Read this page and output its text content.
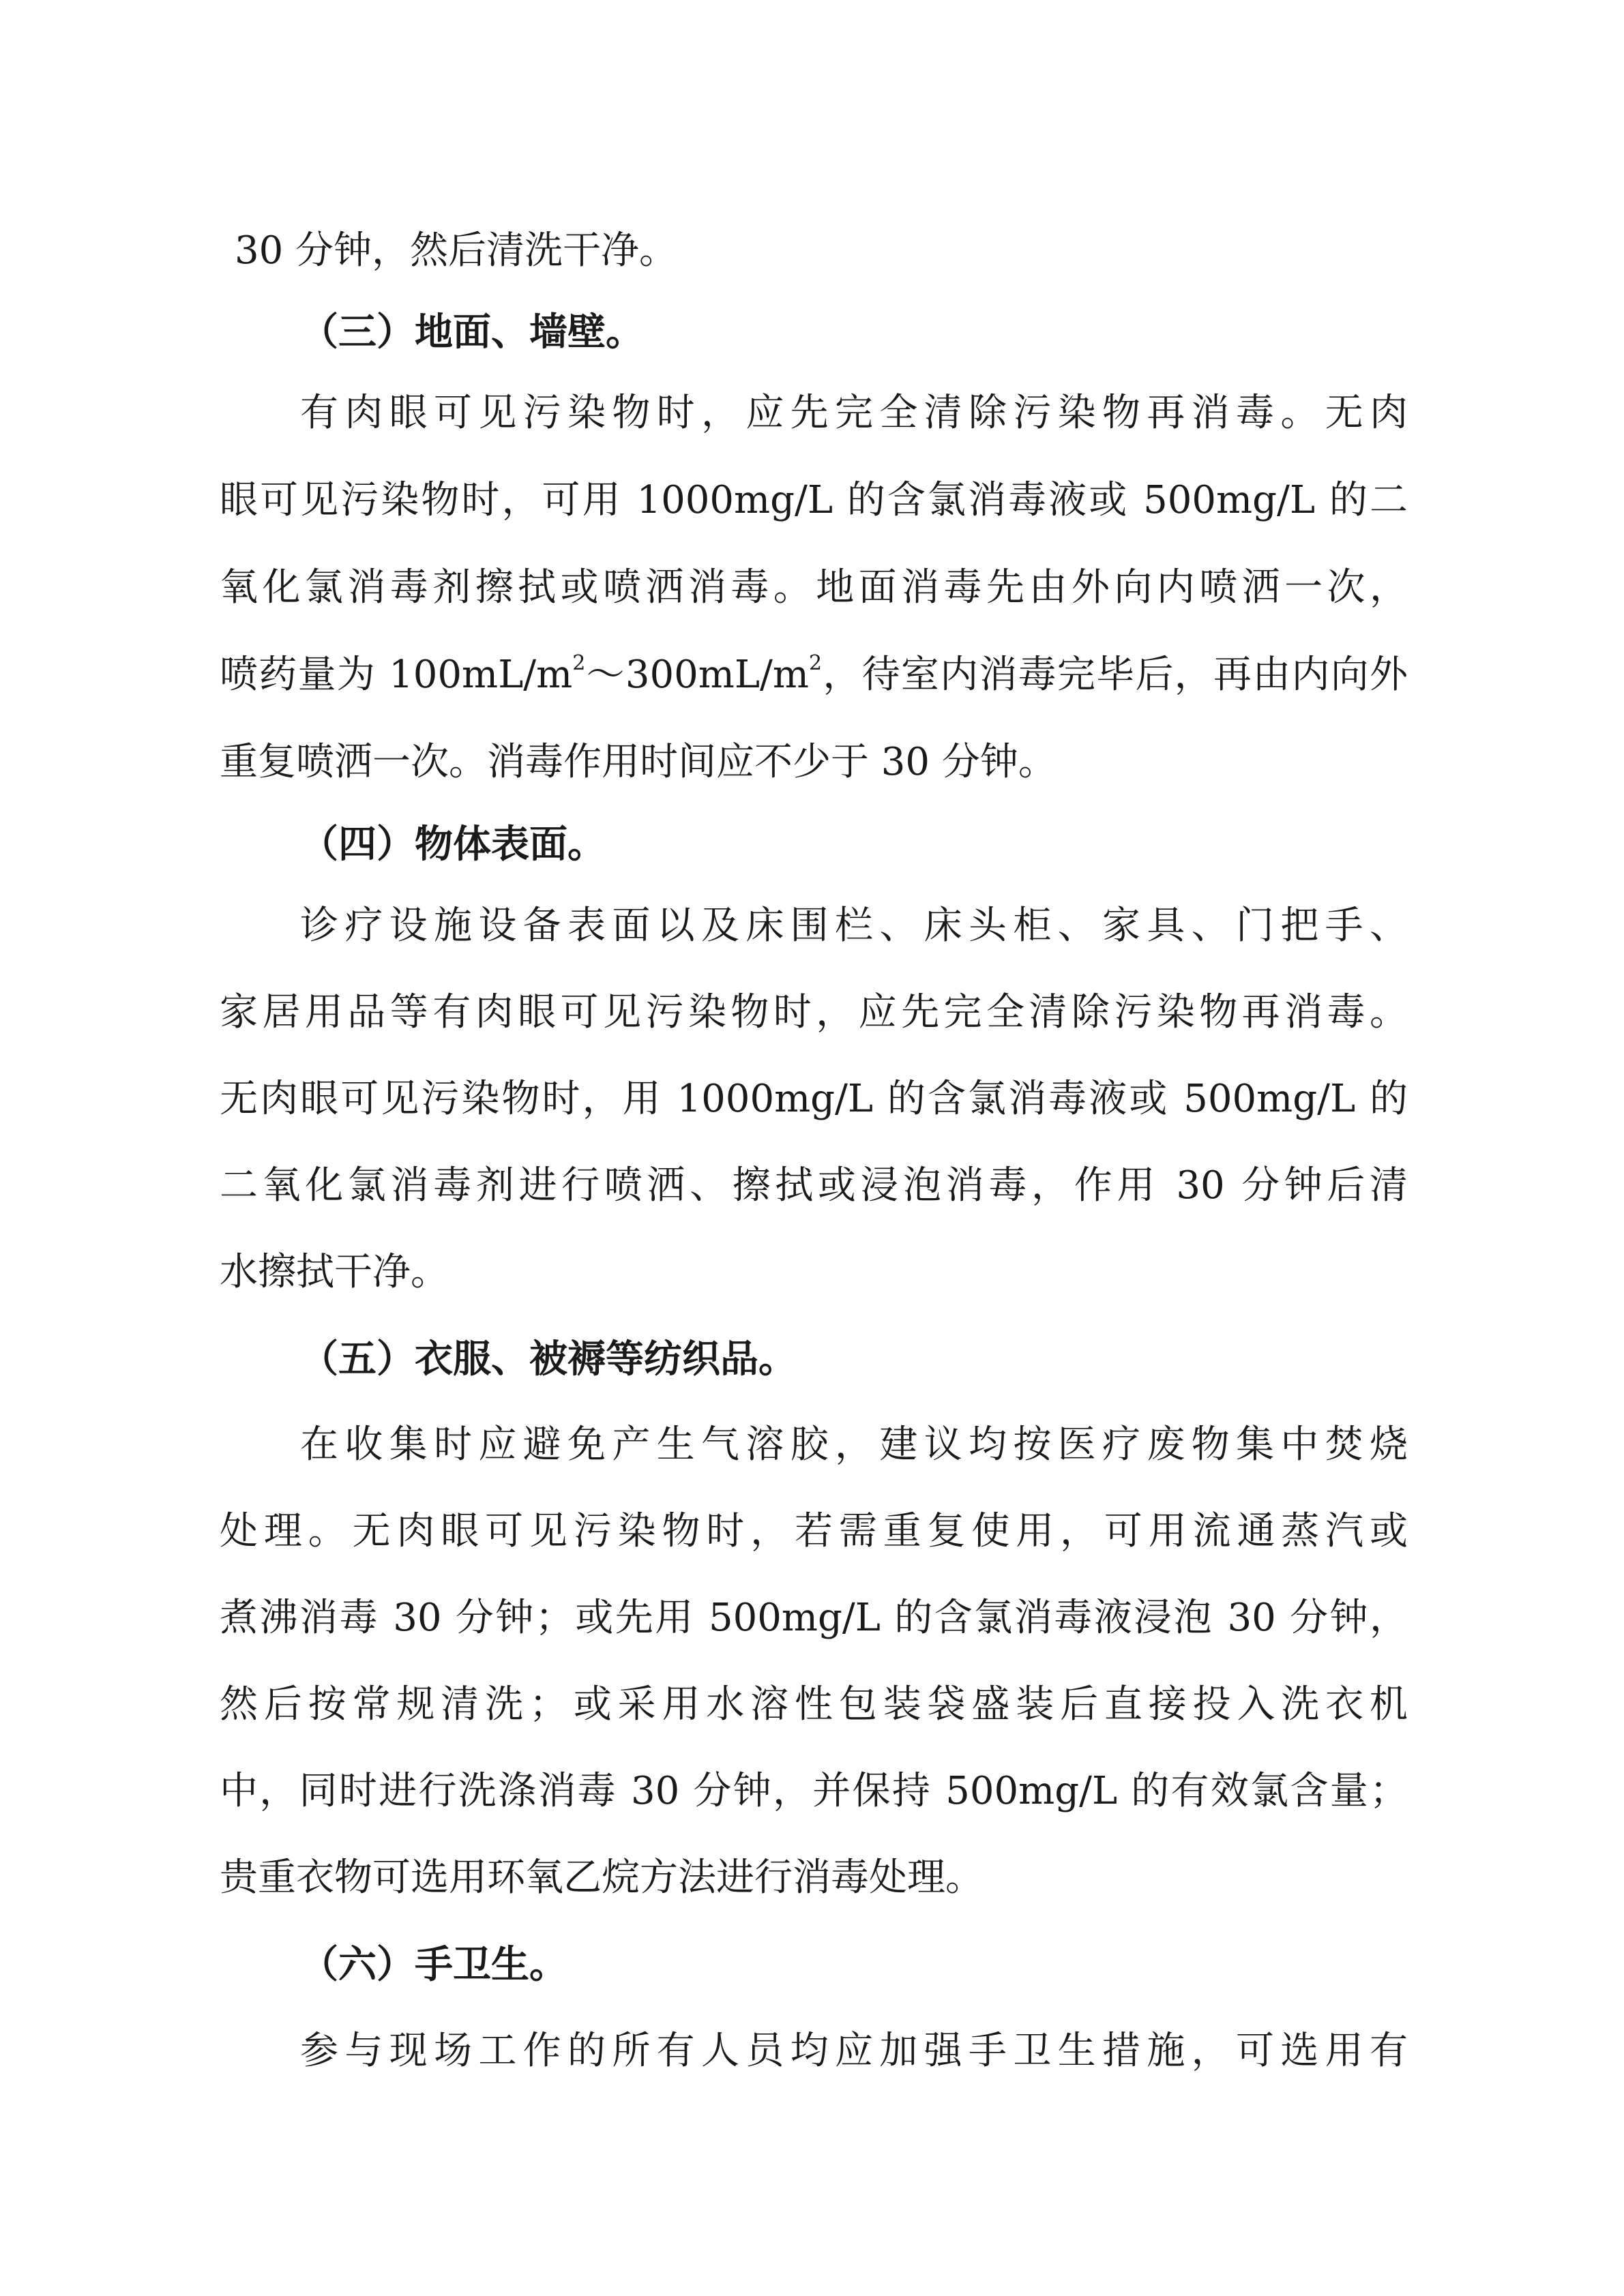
30 分钟，然后清洗干净。
（三）地面、墙壁。
有肉眼可见污染物时，应先完全清除污染物再消毒。无肉
眼可见污染物时，可用 1000mg/L 的含氯消毒液或 500mg/L 的二
氧化氯消毒剂擦拭或喷洒消毒。地面消毒先由外向内喷洒一次，
喷药量为 $100mL/m^2\sim 300mL/m^2$，待室内消毒完毕后，再由内向外
重复喷洒一次。消毒作用时间应不少于 30 分钟。
（四）物体表面。
诊疗设施设备表面以及床围栏、床头柜、家具、门把手、
家居用品等有肉眼可见污染物时，应先完全清除污染物再消毒。
无肉眼可见污染物时，用 1000mg/L 的含氯消毒液或 500mg/L 的
二氧化氯消毒剂进行喷洒、擦拭或浸泡消毒，作用 30 分钟后清
水擦拭干净。
（五）衣服、被褥等纺织品。
在收集时应避免产生气溶胶，建议均按医疗废物集中焚烧
处理。无肉眼可见污染物时，若需重复使用，可用流通蒸汽或
煮沸消毒 30 分钟；或先用 500mg/L 的含氯消毒液浸泡 30 分钟，
然后按常规清洗；或采用水溶性包装袋盛装后直接投入洗衣机
中，同时进行洗涤消毒 30 分钟，并保持 500mg/L 的有效氯含量；
贵重衣物可选用环氧乙烷方法进行消毒处理。
（六）手卫生。
参与现场工作的所有人员均应加强手卫生措施，可选用有
